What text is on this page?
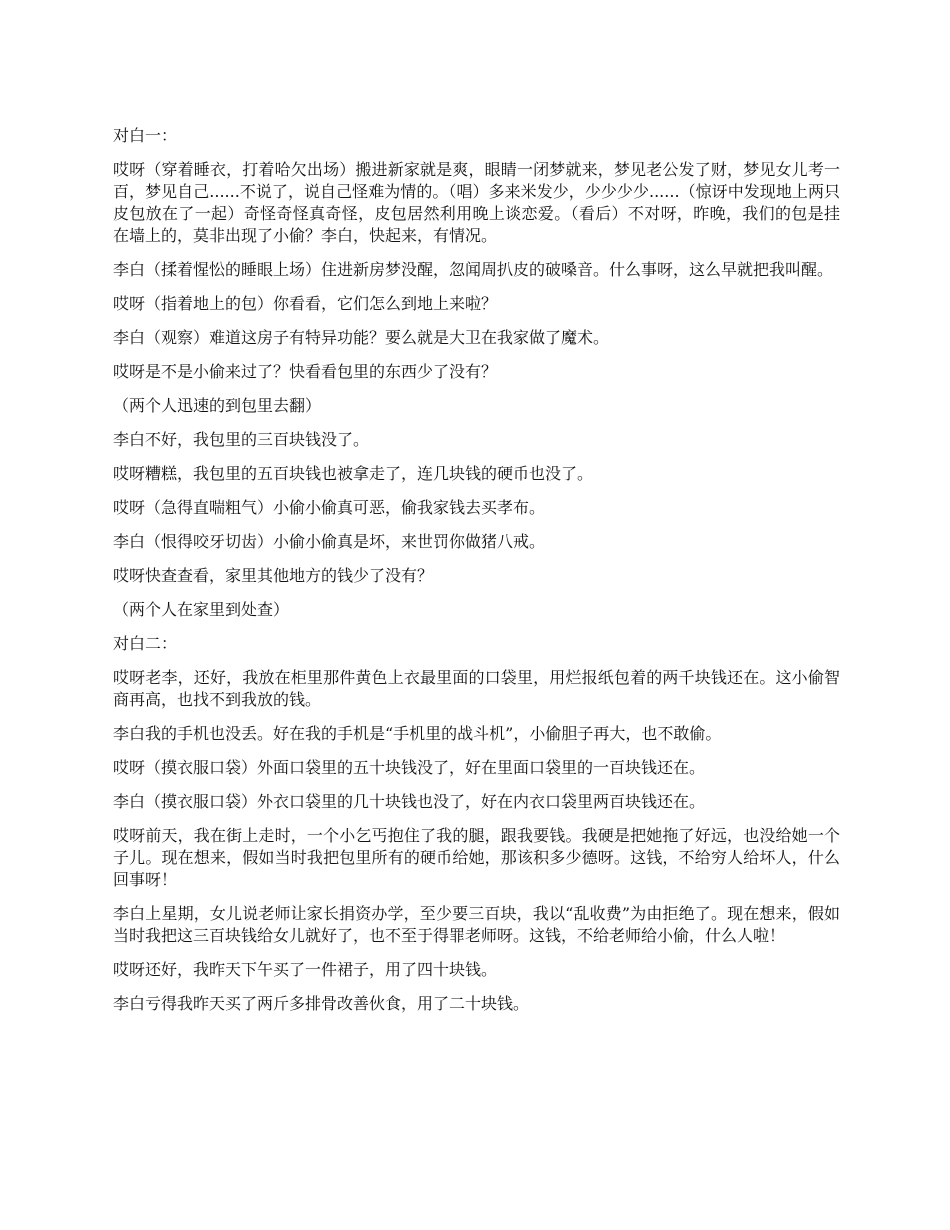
对白一：

哎呀（穿着睡衣，打着哈欠出场）搬进新家就是爽，眼睛一闭梦就来，梦见老公发了财，梦见女儿考一百，梦见自己......不说了，说自己怪难为情的。（唱）多来米发少，少少少少......（惊讶中发现地上两只皮包放在了一起）奇怪奇怪真奇怪，皮包居然利用晚上谈恋爱。（看后）不对呀，昨晚，我们的包是挂在墙上的，莫非出现了小偷？李白，快起来，有情况。

李白（揉着惺忪的睡眼上场）住进新房梦没醒，忽闻周扒皮的破嗓音。什么事呀，这么早就把我叫醒。

哎呀（指着地上的包）你看看，它们怎么到地上来啦？

李白（观察）难道这房子有特异功能？要么就是大卫在我家做了魔术。

哎呀是不是小偷来过了？快看看包里的东西少了没有？

（两个人迅速的到包里去翻）

李白不好，我包里的三百块钱没了。

哎呀糟糕，我包里的五百块钱也被拿走了，连几块钱的硬币也没了。

哎呀（急得直喘粗气）小偷小偷真可恶，偷我家钱去买孝布。

李白（恨得咬牙切齿）小偷小偷真是坏，来世罚你做猪八戒。

哎呀快查查看，家里其他地方的钱少了没有？

（两个人在家里到处查）

对白二：

哎呀老李，还好，我放在柜里那件黄色上衣最里面的口袋里，用烂报纸包着的两千块钱还在。这小偷智商再高，也找不到我放的钱。

李白我的手机也没丢。好在我的手机是“手机里的战斗机”，小偷胆子再大，也不敢偷。

哎呀（摸衣服口袋）外面口袋里的五十块钱没了，好在里面口袋里的一百块钱还在。

李白（摸衣服口袋）外衣口袋里的几十块钱也没了，好在内衣口袋里两百块钱还在。

哎呀前天，我在街上走时，一个小乞丐抱住了我的腿，跟我要钱。我硬是把她拖了好远，也没给她一个子儿。现在想来，假如当时我把包里所有的硬币给她，那该积多少德呀。这钱，不给穷人给坏人，什么回事呀！

李白上星期，女儿说老师让家长捐资办学，至少要三百块，我以“乱收费”为由拒绝了。现在想来，假如当时我把这三百块钱给女儿就好了，也不至于得罪老师呀。这钱，不给老师给小偷，什么人啦！

哎呀还好，我昨天下午买了一件裙子，用了四十块钱。

李白亏得我昨天买了两斤多排骨改善伙食，用了二十块钱。
